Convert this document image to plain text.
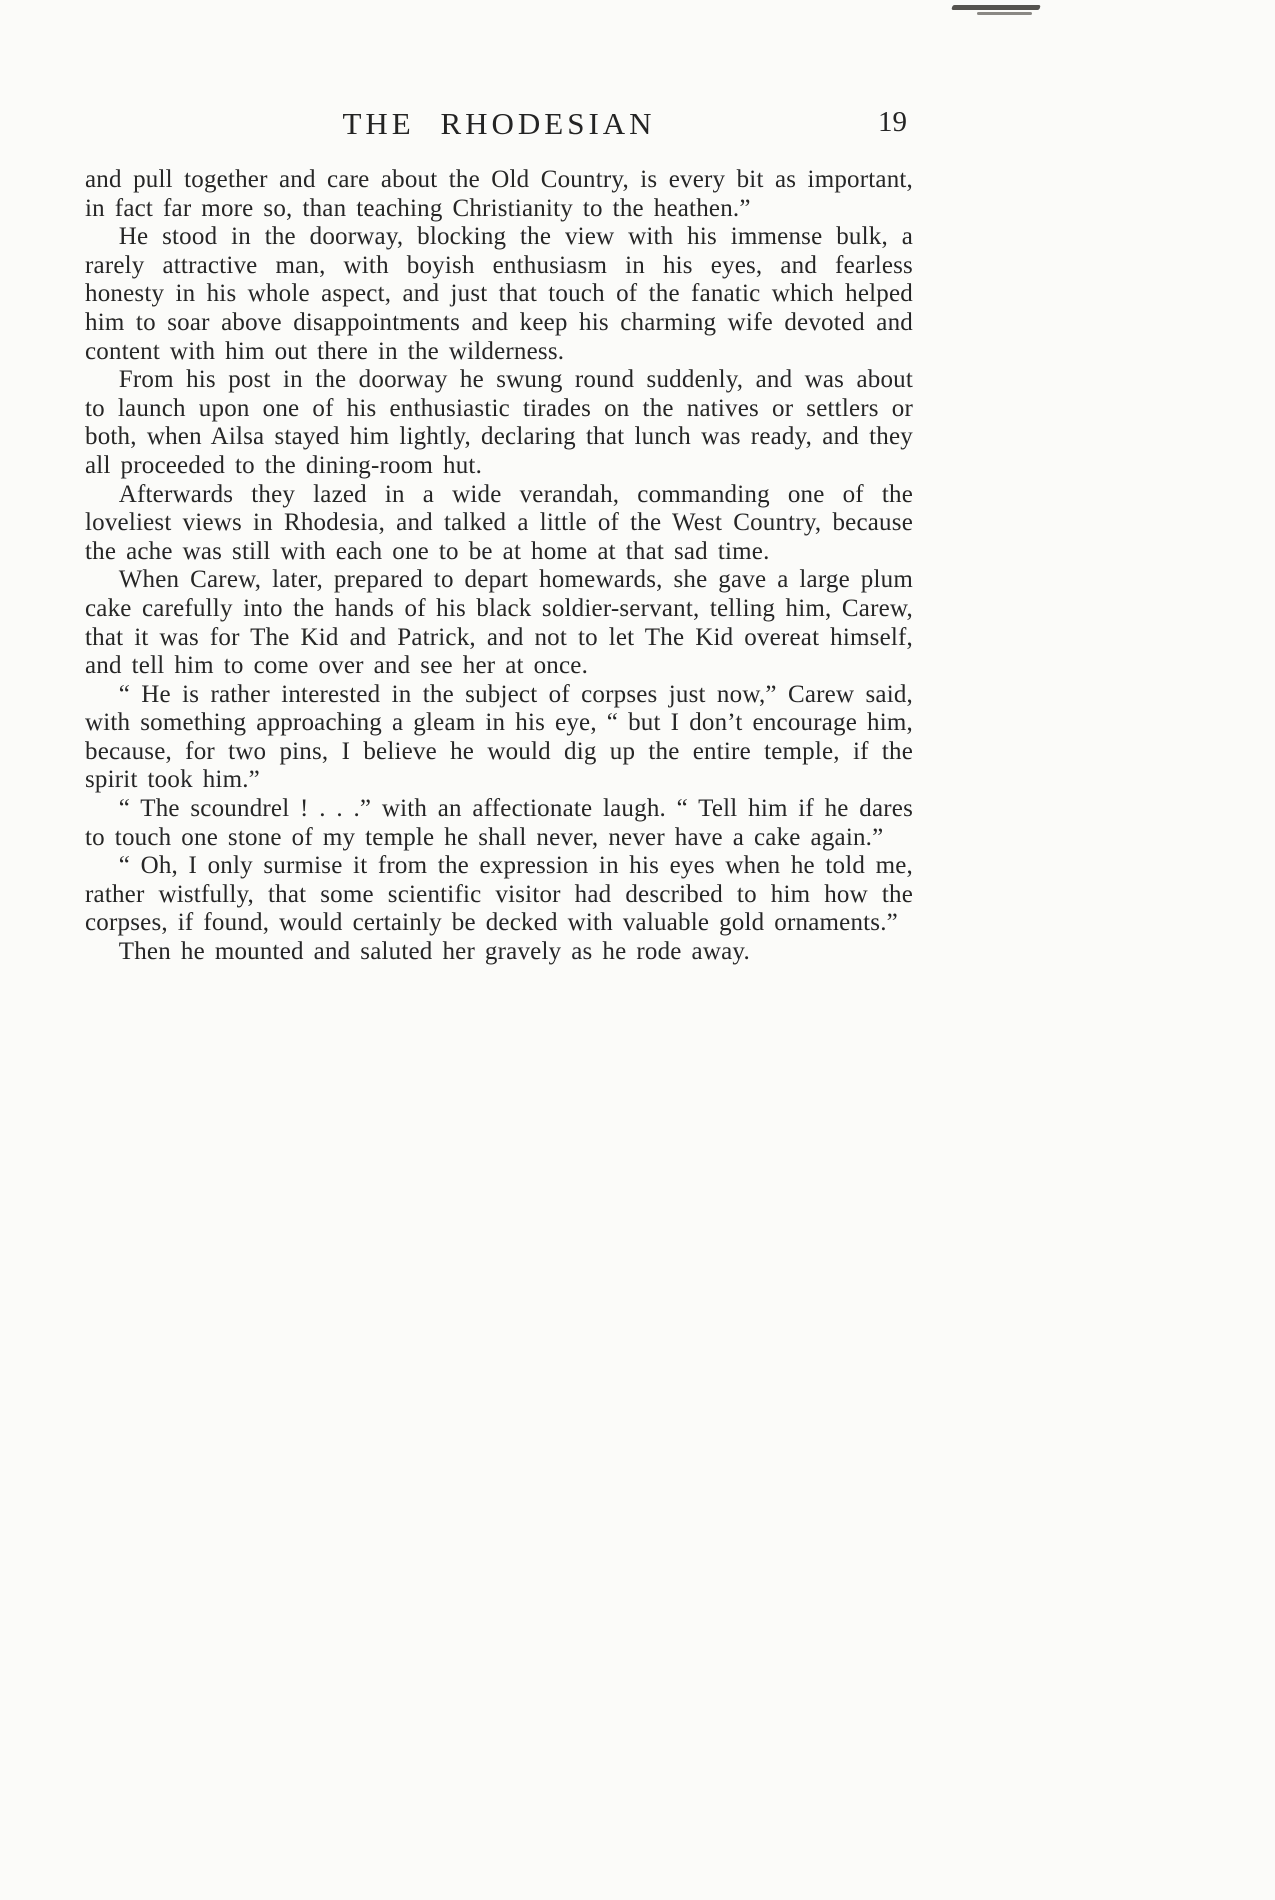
THE RHODESIAN	19

and pull together and care about the Old Country, is every bit as important, in fact far more so, than teaching Christianity to the heathen.”

He stood in the doorway, blocking the view with his immense bulk, a rarely attractive man, with boyish enthusiasm in his eyes, and fearless honesty in his whole aspect, and just that touch of the fanatic which helped him to soar above disappointments and keep his charming wife devoted and content with him out there in the wilderness.

From his post in the doorway he swung round suddenly, and was about to launch upon one of his enthusiastic tirades on the natives or settlers or both, when Ailsa stayed him lightly, declaring that lunch was ready, and they all proceeded to the dining-room hut.

Afterwards they lazed in a wide verandah, commanding one of the loveliest views in Rhodesia, and talked a little of the West Country, because the ache was still with each one to be at home at that sad time.

When Carew, later, prepared to depart homewards, she gave a large plum cake carefully into the hands of his black soldier-servant, telling him, Carew, that it was for The Kid and Patrick, and not to let The Kid overeat himself, and tell him to come over and see her at once.

“ He is rather interested in the subject of corpses just now,” Carew said, with something approaching a gleam in his eye, “ but I don’t encourage him, because, for two pins, I believe he would dig up the entire temple, if the spirit took him.”

“ The scoundrel ! . . .” with an affectionate laugh. “ Tell him if he dares to touch one stone of my temple he shall never, never have a cake again.”

“ Oh, I only surmise it from the expression in his eyes when he told me, rather wistfully, that some scientific visitor had described to him how the corpses, if found, would certainly be decked with valuable gold ornaments.”

Then he mounted and saluted her gravely as he rode away.
